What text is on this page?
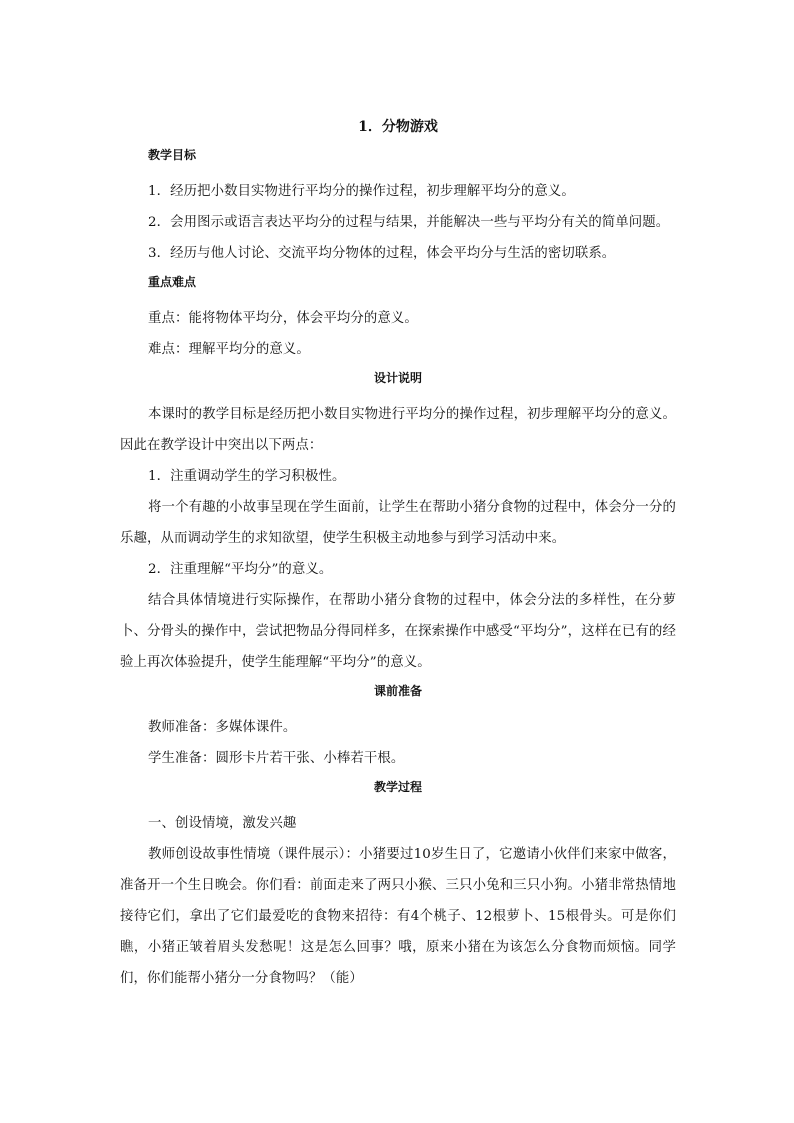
1．分物游戏
教学目标

1．经历把小数目实物进行平均分的操作过程，初步理解平均分的意义。

2．会用图示或语言表达平均分的过程与结果，并能解决一些与平均分有关的简单问题。

3．经历与他人讨论、交流平均分物体的过程，体会平均分与生活的密切联系。

重点难点

重点：能将物体平均分，体会平均分的意义。

难点：理解平均分的意义。

设计说明

本课时的教学目标是经历把小数目实物进行平均分的操作过程，初步理解平均分的意义。因此在教学设计中突出以下两点：

1．注重调动学生的学习积极性。

将一个有趣的小故事呈现在学生面前，让学生在帮助小猪分食物的过程中，体会分一分的乐趣，从而调动学生的求知欲望，使学生积极主动地参与到学习活动中来。

2．注重理解“平均分”的意义。

结合具体情境进行实际操作，在帮助小猪分食物的过程中，体会分法的多样性，在分萝卜、分骨头的操作中，尝试把物品分得同样多，在探索操作中感受“平均分”，这样在已有的经验上再次体验提升，使学生能理解“平均分”的意义。

课前准备

教师准备：多媒体课件。

学生准备：圆形卡片若干张、小棒若干根。

教学过程

一、创设情境，激发兴趣

教师创设故事性情境（课件展示）：小猪要过10岁生日了，它邀请小伙伴们来家中做客，准备开一个生日晚会。你们看：前面走来了两只小猴、三只小兔和三只小狗。小猪非常热情地接待它们，拿出了它们最爱吃的食物来招待：有4个桃子、12根萝卜、15根骨头。可是你们瞧，小猪正皱着眉头发愁呢！这是怎么回事？哦，原来小猪在为该怎么分食物而烦恼。同学们，你们能帮小猪分一分食物吗？（能）
